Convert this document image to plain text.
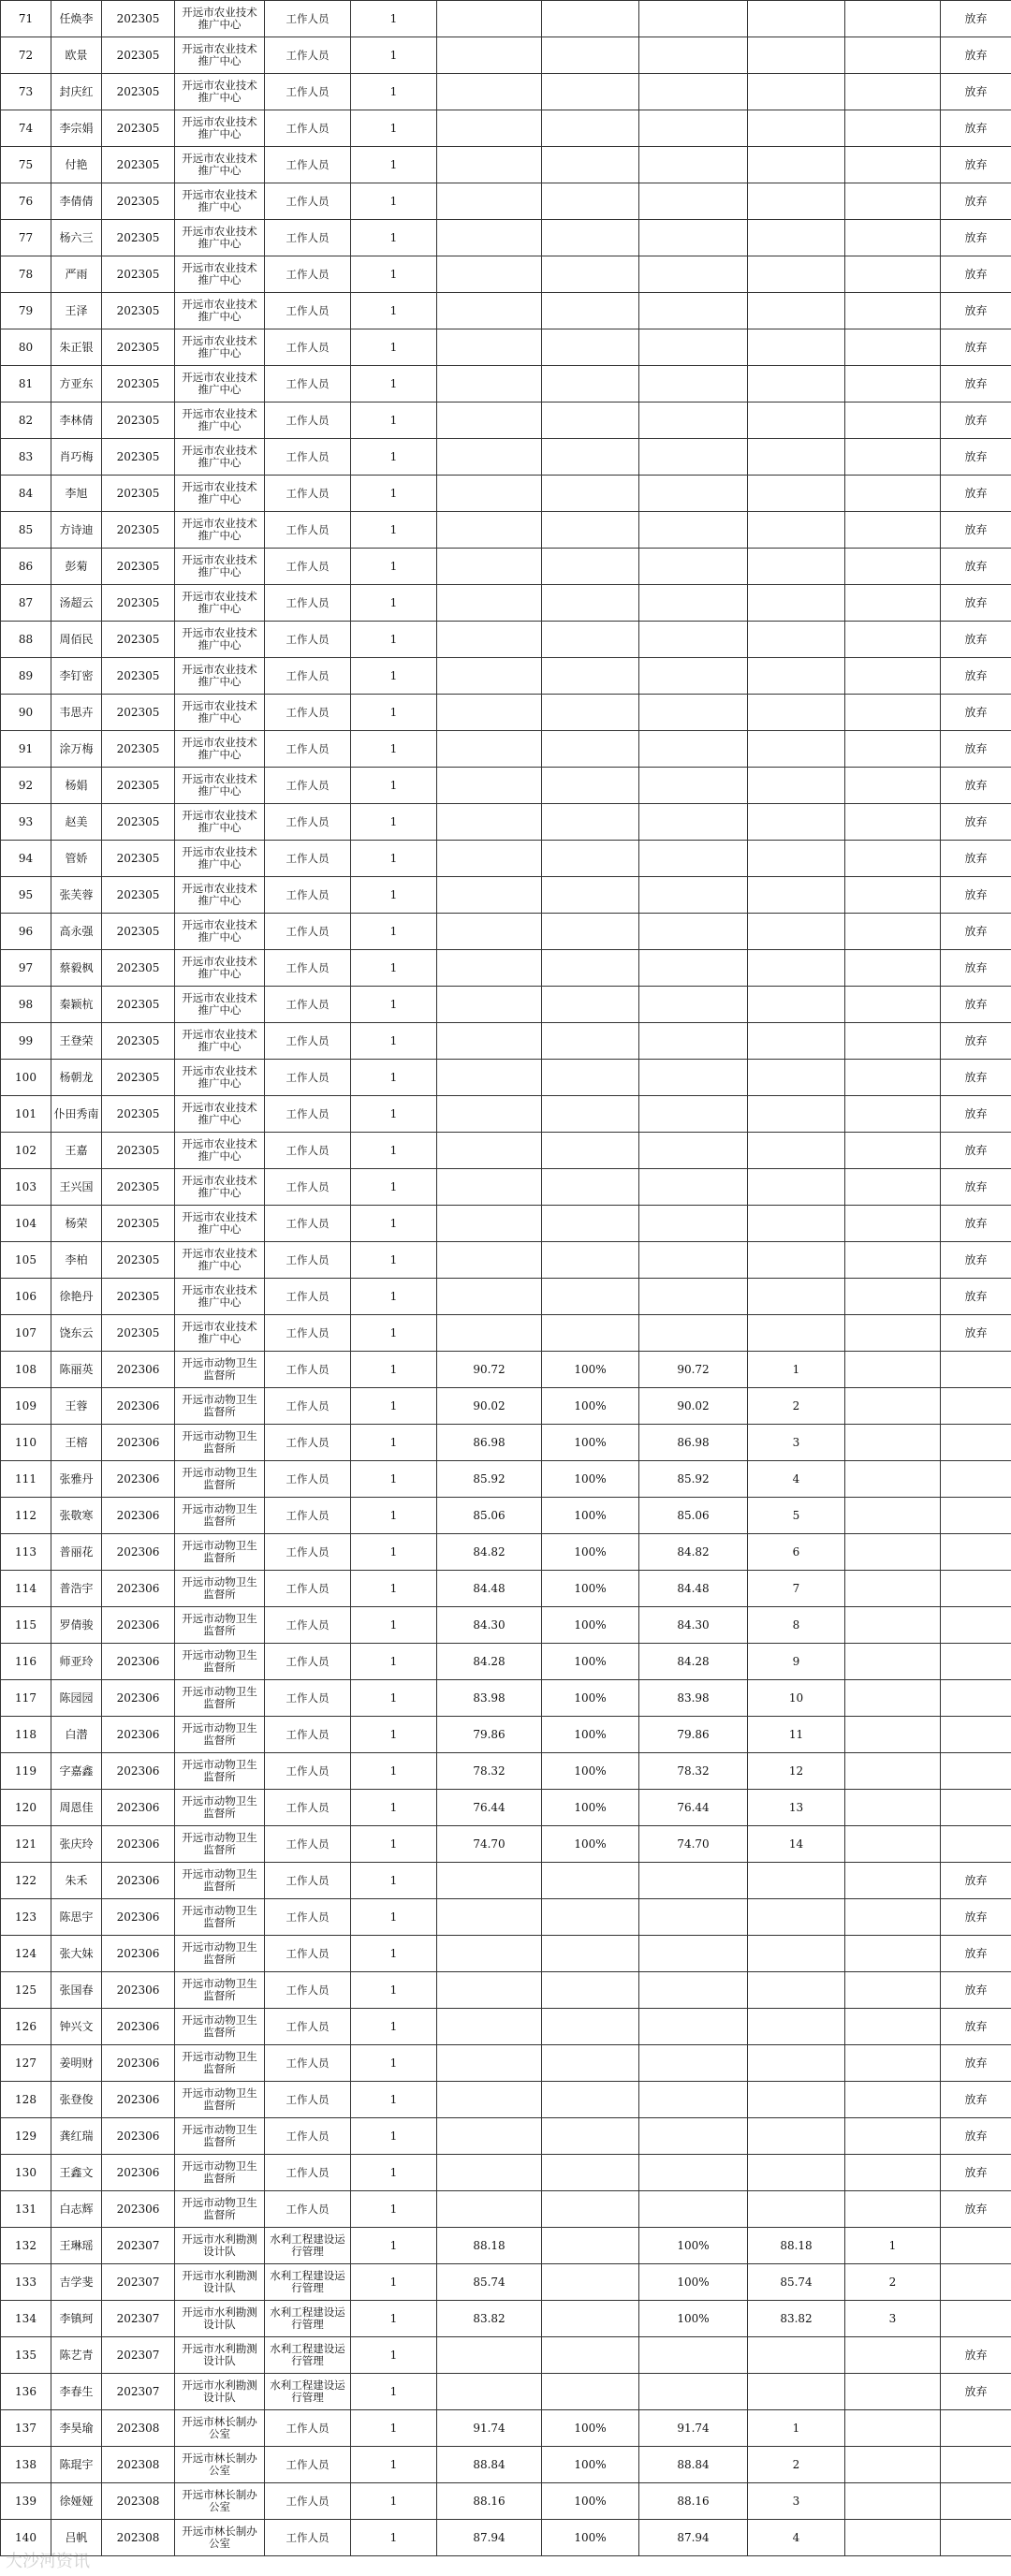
71	任焕李	202305	开远市农业技术推广中心	工作人员	1						放弃
72	欧景	202305	开远市农业技术推广中心	工作人员	1						放弃
73	封庆红	202305	开远市农业技术推广中心	工作人员	1						放弃
74	李宗娟	202305	开远市农业技术推广中心	工作人员	1						放弃
75	付艳	202305	开远市农业技术推广中心	工作人员	1						放弃
76	李倩倩	202305	开远市农业技术推广中心	工作人员	1						放弃
77	杨六三	202305	开远市农业技术推广中心	工作人员	1						放弃
78	严雨	202305	开远市农业技术推广中心	工作人员	1						放弃
79	王泽	202305	开远市农业技术推广中心	工作人员	1						放弃
80	朱正银	202305	开远市农业技术推广中心	工作人员	1						放弃
81	方亚东	202305	开远市农业技术推广中心	工作人员	1						放弃
82	李林倩	202305	开远市农业技术推广中心	工作人员	1						放弃
83	肖巧梅	202305	开远市农业技术推广中心	工作人员	1						放弃
84	李旭	202305	开远市农业技术推广中心	工作人员	1						放弃
85	方诗迪	202305	开远市农业技术推广中心	工作人员	1						放弃
86	彭菊	202305	开远市农业技术推广中心	工作人员	1						放弃
87	汤超云	202305	开远市农业技术推广中心	工作人员	1						放弃
88	周佰民	202305	开远市农业技术推广中心	工作人员	1						放弃
89	李钉密	202305	开远市农业技术推广中心	工作人员	1						放弃
90	韦思卉	202305	开远市农业技术推广中心	工作人员	1						放弃
91	涂万梅	202305	开远市农业技术推广中心	工作人员	1						放弃
92	杨娟	202305	开远市农业技术推广中心	工作人员	1						放弃
93	赵美	202305	开远市农业技术推广中心	工作人员	1						放弃
94	管娇	202305	开远市农业技术推广中心	工作人员	1						放弃
95	张芙蓉	202305	开远市农业技术推广中心	工作人员	1						放弃
96	高永强	202305	开远市农业技术推广中心	工作人员	1						放弃
97	蔡毅枫	202305	开远市农业技术推广中心	工作人员	1						放弃
98	秦颖杭	202305	开远市农业技术推广中心	工作人员	1						放弃
99	王登荣	202305	开远市农业技术推广中心	工作人员	1						放弃
100	杨朝龙	202305	开远市农业技术推广中心	工作人员	1						放弃
101	仆田秀南	202305	开远市农业技术推广中心	工作人员	1						放弃
102	王嘉	202305	开远市农业技术推广中心	工作人员	1						放弃
103	王兴国	202305	开远市农业技术推广中心	工作人员	1						放弃
104	杨荣	202305	开远市农业技术推广中心	工作人员	1						放弃
105	李柏	202305	开远市农业技术推广中心	工作人员	1						放弃
106	徐艳丹	202305	开远市农业技术推广中心	工作人员	1						放弃
107	饶东云	202305	开远市农业技术推广中心	工作人员	1						放弃
108	陈丽英	202306	开远市动物卫生监督所	工作人员	1	90.72	100%	90.72	1		
109	王蓉	202306	开远市动物卫生监督所	工作人员	1	90.02	100%	90.02	2		
110	王榕	202306	开远市动物卫生监督所	工作人员	1	86.98	100%	86.98	3		
111	张雅丹	202306	开远市动物卫生监督所	工作人员	1	85.92	100%	85.92	4		
112	张敬寒	202306	开远市动物卫生监督所	工作人员	1	85.06	100%	85.06	5		
113	普丽花	202306	开远市动物卫生监督所	工作人员	1	84.82	100%	84.82	6		
114	普浩宇	202306	开远市动物卫生监督所	工作人员	1	84.48	100%	84.48	7		
115	罗倩骏	202306	开远市动物卫生监督所	工作人员	1	84.30	100%	84.30	8		
116	师亚玲	202306	开远市动物卫生监督所	工作人员	1	84.28	100%	84.28	9		
117	陈园园	202306	开远市动物卫生监督所	工作人员	1	83.98	100%	83.98	10		
118	白潜	202306	开远市动物卫生监督所	工作人员	1	79.86	100%	79.86	11		
119	字嘉鑫	202306	开远市动物卫生监督所	工作人员	1	78.32	100%	78.32	12		
120	周恩佳	202306	开远市动物卫生监督所	工作人员	1	76.44	100%	76.44	13		
121	张庆玲	202306	开远市动物卫生监督所	工作人员	1	74.70	100%	74.70	14		
122	朱禾	202306	开远市动物卫生监督所	工作人员	1						放弃
123	陈思宇	202306	开远市动物卫生监督所	工作人员	1						放弃
124	张大妹	202306	开远市动物卫生监督所	工作人员	1						放弃
125	张国春	202306	开远市动物卫生监督所	工作人员	1						放弃
126	钟兴文	202306	开远市动物卫生监督所	工作人员	1						放弃
127	姜明财	202306	开远市动物卫生监督所	工作人员	1						放弃
128	张登俊	202306	开远市动物卫生监督所	工作人员	1						放弃
129	龚红瑞	202306	开远市动物卫生监督所	工作人员	1						放弃
130	王鑫文	202306	开远市动物卫生监督所	工作人员	1						放弃
131	白志辉	202306	开远市动物卫生监督所	工作人员	1						放弃
132	王琳瑶	202307	开远市水利勘测设计队	水利工程建设运行管理	1	88.18		100%	88.18	1	
133	吉学斐	202307	开远市水利勘测设计队	水利工程建设运行管理	1	85.74		100%	85.74	2	
134	李镇珂	202307	开远市水利勘测设计队	水利工程建设运行管理	1	83.82		100%	83.82	3	
135	陈艺青	202307	开远市水利勘测设计队	水利工程建设运行管理	1						放弃
136	李春生	202307	开远市水利勘测设计队	水利工程建设运行管理	1						放弃
137	李昊瑜	202308	开远市林长制办公室	工作人员	1	91.74	100%	91.74	1		
138	陈琨宇	202308	开远市林长制办公室	工作人员	1	88.84	100%	88.84	2		
139	徐娅娅	202308	开远市林长制办公室	工作人员	1	88.16	100%	88.16	3		
140	吕帆	202308	开远市林长制办公室	工作人员	1	87.94	100%	87.94	4		
大沙河资讯
